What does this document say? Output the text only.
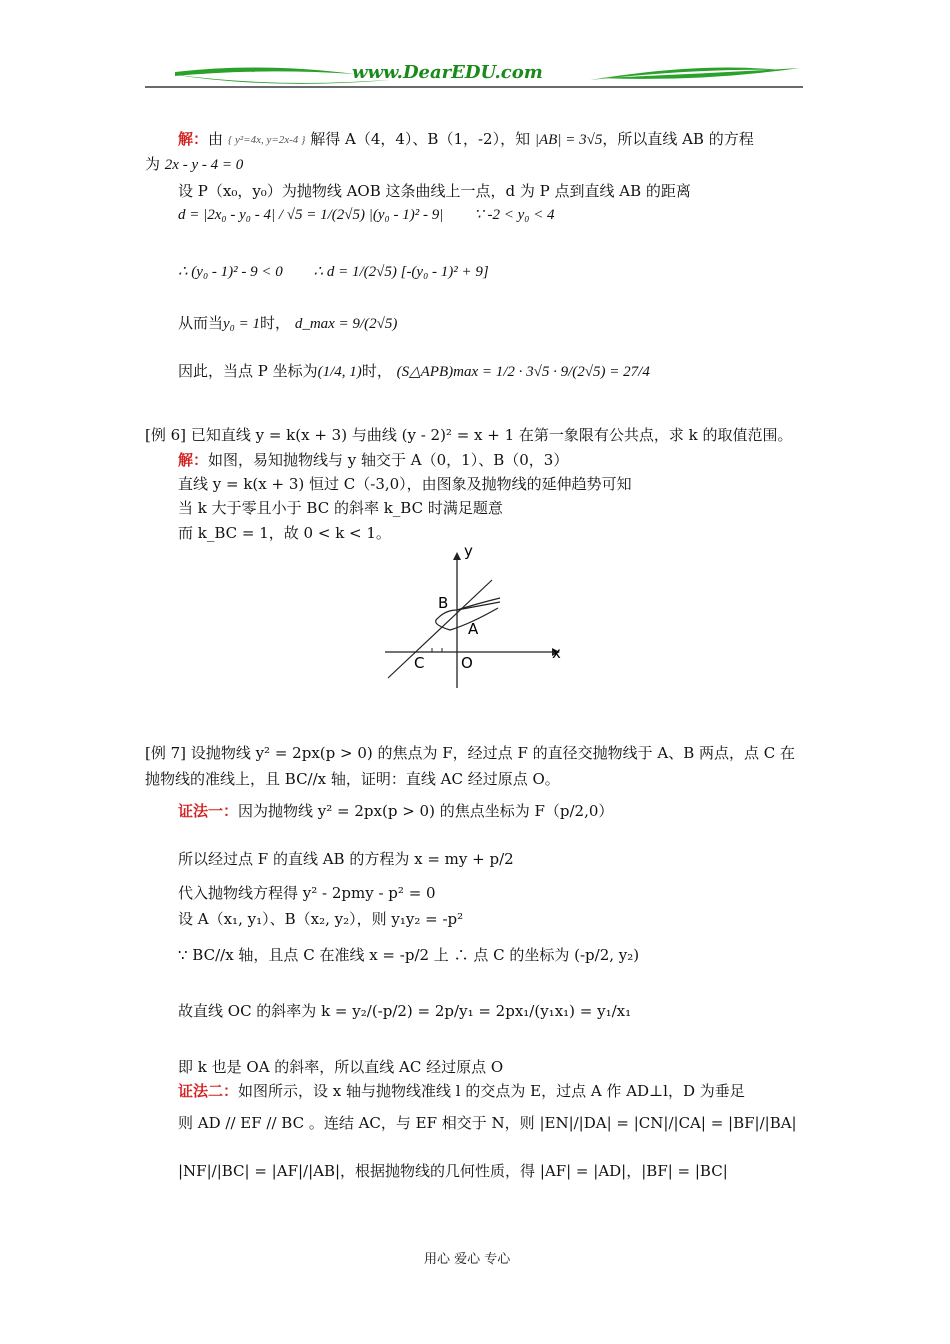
www.DearEDU.com
解：由 { y²=4x, y=2x-4 } 解得 A（4，4）、B（1，-2），知 |AB| = 3√5，所以直线 AB 的方程
为 2x - y - 4 = 0
设 P（x₀，y₀）为抛物线 AOB 这条曲线上一点，d 为 P 点到直线 AB 的距离
d = |2x₀ - y₀ - 4| / √5 = 1/(2√5) |(y₀ - 1)² - 9| ∵ -2 < y₀ < 4
∴ (y₀ - 1)² - 9 < 0 ∴ d = 1/(2√5) [-(y₀ - 1)² + 9]
从而当y₀ = 1时， d_max = 9/(2√5)
因此，当点 P 坐标为(1/4, 1)时， (S△APB)max = 1/2 · 3√5 · 9/(2√5) = 27/4
[例 6] 已知直线 y = k(x + 3) 与曲线 (y - 2)² = x + 1 在第一象限有公共点，求 k 的取值范围。
解：如图，易知抛物线与 y 轴交于 A（0，1）、B（0，3）
直线 y = k(x + 3) 恒过 C（-3,0），由图象及抛物线的延伸趋势可知
当 k 大于零且小于 BC 的斜率 k_BC 时满足题意
而 k_BC = 1，故 0 < k < 1。
y
x
B
A
C O
[例 7] 设抛物线 y² = 2px(p > 0) 的焦点为 F，经过点 F 的直径交抛物线于 A、B 两点，点 C 在
抛物线的准线上，且 BC//x 轴，证明：直线 AC 经过原点 O。
证法一：因为抛物线 y² = 2px(p > 0) 的焦点坐标为 F（p/2,0）
所以经过点 F 的直线 AB 的方程为 x = my + p/2
代入抛物线方程得 y² - 2pmy - p² = 0
设 A（x₁, y₁）、B（x₂, y₂），则 y₁y₂ = -p²
∵ BC//x 轴，且点 C 在准线 x = -p/2 上 ∴ 点 C 的坐标为 (-p/2, y₂)
故直线 OC 的斜率为 k = y₂/(-p/2) = 2p/y₁ = 2px₁/(y₁x₁) = y₁/x₁
即 k 也是 OA 的斜率，所以直线 AC 经过原点 O
证法二：如图所示，设 x 轴与抛物线准线 l 的交点为 E，过点 A 作 AD⊥l，D 为垂足
则 AD // EF // BC 。连结 AC，与 EF 相交于 N，则 |EN|/|DA| = |CN|/|CA| = |BF|/|BA|
|NF|/|BC| = |AF|/|AB|，根据抛物线的几何性质，得 |AF| = |AD|，|BF| = |BC|
用心 爱心 专心
